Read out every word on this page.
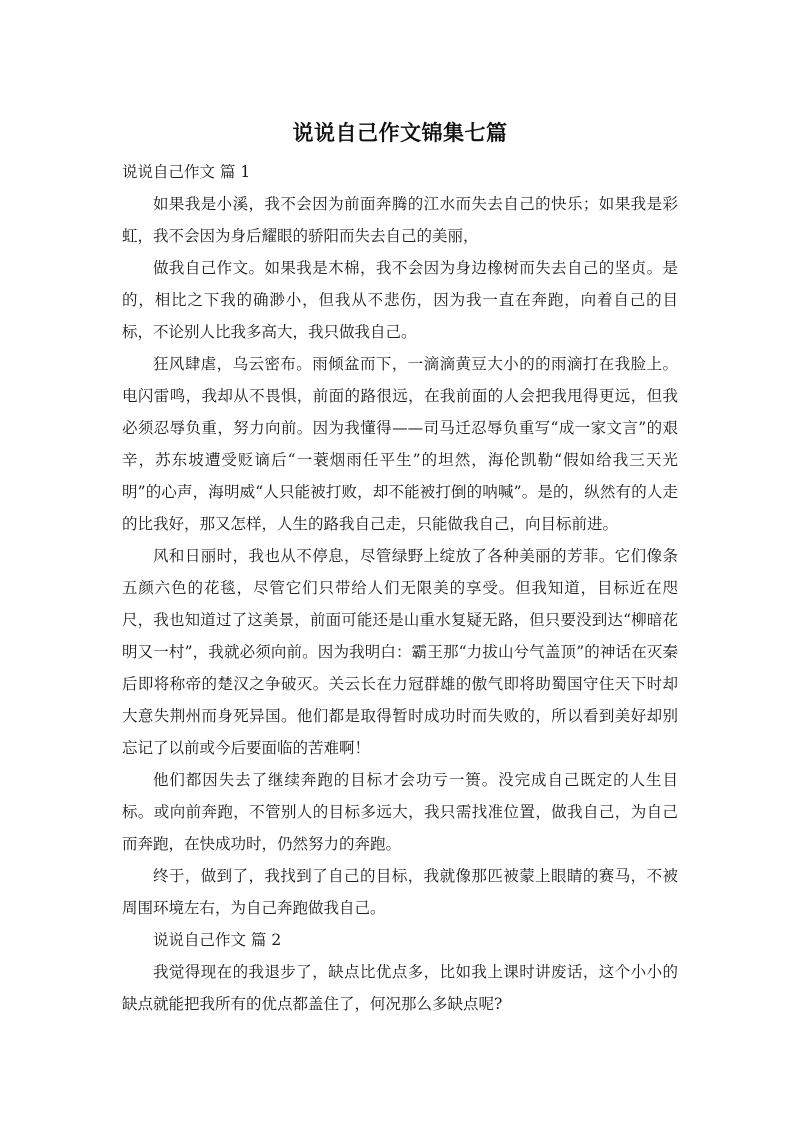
说说自己作文锦集七篇

说说自己作文 篇 1

如果我是小溪，我不会因为前面奔腾的江水而失去自己的快乐；如果我是彩虹，我不会因为身后耀眼的骄阳而失去自己的美丽，

做我自己作文。如果我是木棉，我不会因为身边橡树而失去自己的坚贞。是的，相比之下我的确渺小，但我从不悲伤，因为我一直在奔跑，向着自己的目标，不论别人比我多高大，我只做我自己。

狂风肆虐，乌云密布。雨倾盆而下，一滴滴黄豆大小的的雨滴打在我脸上。电闪雷鸣，我却从不畏惧，前面的路很远，在我前面的人会把我甩得更远，但我必须忍辱负重，努力向前。因为我懂得——司马迁忍辱负重写“成一家文言”的艰辛，苏东坡遭受贬谪后“一蓑烟雨任平生”的坦然，海伦凯勒“假如给我三天光明”的心声，海明威“人只能被打败，却不能被打倒的呐喊”。是的，纵然有的人走的比我好，那又怎样，人生的路我自己走，只能做我自己，向目标前进。

风和日丽时，我也从不停息，尽管绿野上绽放了各种美丽的芳菲。它们像条五颜六色的花毯，尽管它们只带给人们无限美的享受。但我知道，目标近在咫尺，我也知道过了这美景，前面可能还是山重水复疑无路，但只要没到达“柳暗花明又一村”，我就必须向前。因为我明白：霸王那“力拔山兮气盖顶”的神话在灭秦后即将称帝的楚汉之争破灭。关云长在力冠群雄的傲气即将助蜀国守住天下时却大意失荆州而身死异国。他们都是取得暂时成功时而失败的，所以看到美好却别忘记了以前或今后要面临的苦难啊！

他们都因失去了继续奔跑的目标才会功亏一篑。没完成自己既定的人生目标。或向前奔跑，不管别人的目标多远大，我只需找准位置，做我自己，为自己而奔跑，在快成功时，仍然努力的奔跑。

终于，做到了，我找到了自己的目标，我就像那匹被蒙上眼睛的赛马，不被周围环境左右，为自己奔跑做我自己。

说说自己作文 篇 2

我觉得现在的我退步了，缺点比优点多，比如我上课时讲废话，这个小小的缺点就能把我所有的优点都盖住了，何况那么多缺点呢?
